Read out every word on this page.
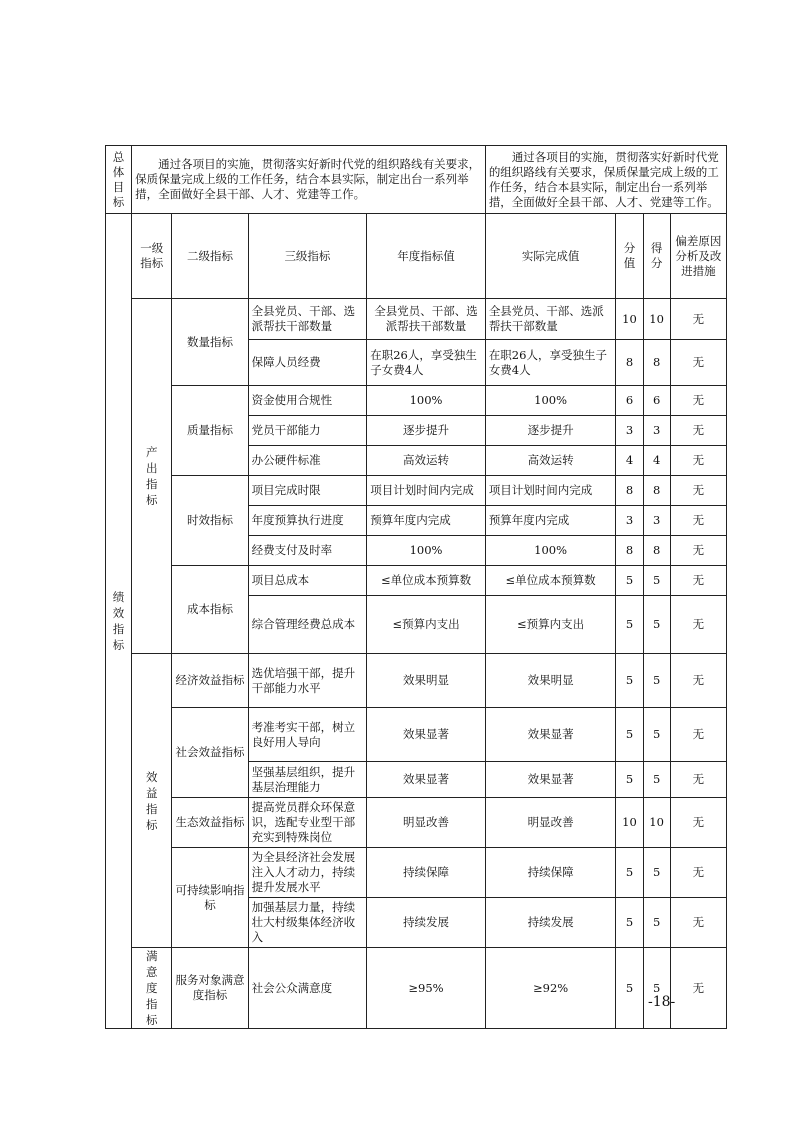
总体目标	通过各项目的实施，贯彻落实好新时代党的组织路线有关要求，保质保量完成上级的工作任务，结合本县实际，制定出台一系列举措，全面做好全县干部、人才、党建等工作。				通过各项目的实施，贯彻落实好新时代党的组织路线有关要求，保质保量完成上级的工作任务，结合本县实际，制定出台一系列举措，全面做好全县干部、人才、党建等工作。			
绩效指标	一级指标	二级指标	三级指标	年度指标值	实际完成值	分值	得分	偏差原因分析及改进措施
	产出指标	数量指标	全县党员、干部、选派帮扶干部数量	全县党员、干部、选派帮扶干部数量	全县党员、干部、选派帮扶干部数量	10	10	无
			保障人员经费	在职26人，享受独生子女费4人	在职26人，享受独生子女费4人	8	8	无
		质量指标	资金使用合规性	100%	100%	6	6	无
			党员干部能力	逐步提升	逐步提升	3	3	无
			办公硬件标准	高效运转	高效运转	4	4	无
		时效指标	项目完成时限	项目计划时间内完成	项目计划时间内完成	8	8	无
			年度预算执行进度	预算年度内完成	预算年度内完成	3	3	无
			经费支付及时率	100%	100%	8	8	无
		成本指标	项目总成本	≤单位成本预算数	≤单位成本预算数	5	5	无
			综合管理经费总成本	≤预算内支出	≤预算内支出	5	5	无
	效益指标	经济效益指标	选优培强干部，提升干部能力水平	效果明显	效果明显	5	5	无
		社会效益指标	考准考实干部，树立良好用人导向	效果显著	效果显著	5	5	无
			坚强基层组织，提升基层治理能力	效果显著	效果显著	5	5	无
		生态效益指标	提高党员群众环保意识，选配专业型干部充实到特殊岗位	明显改善	明显改善	10	10	无
		可持续影响指标	为全县经济社会发展注入人才动力，持续提升发展水平	持续保障	持续保障	5	5	无
			加强基层力量，持续壮大村级集体经济收入	持续发展	持续发展	5	5	无
	满意度指标	服务对象满意度指标	社会公众满意度	≥95%	≥92%	5	5	无
-18-
